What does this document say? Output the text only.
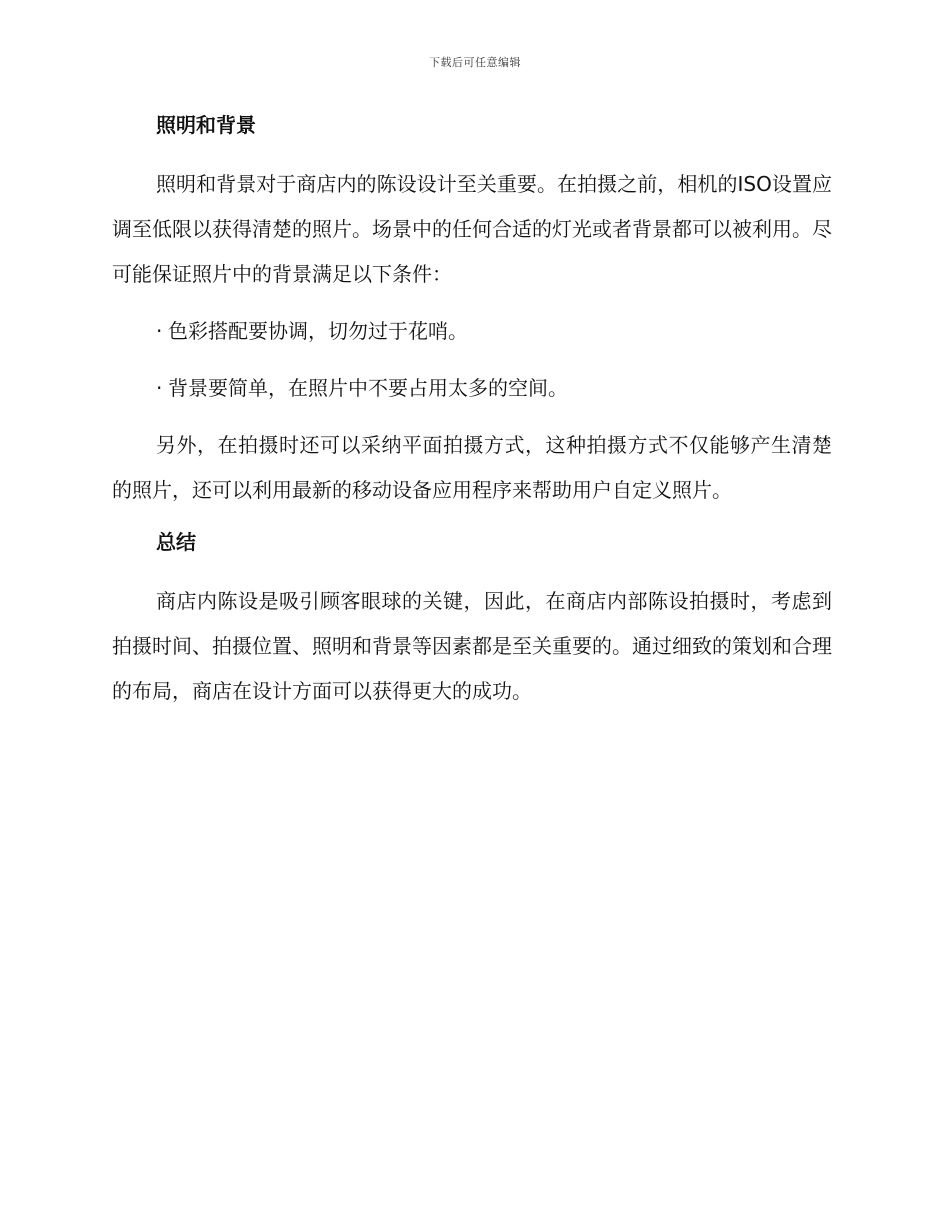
下载后可任意编辑
照明和背景

照明和背景对于商店内的陈设设计至关重要。在拍摄之前，相机的ISO设置应调至低限以获得清楚的照片。场景中的任何合适的灯光或者背景都可以被利用。尽可能保证照片中的背景满足以下条件：

· 色彩搭配要协调，切勿过于花哨。
· 背景要简单，在照片中不要占用太多的空间。

另外，在拍摄时还可以采纳平面拍摄方式，这种拍摄方式不仅能够产生清楚的照片，还可以利用最新的移动设备应用程序来帮助用户自定义照片。

总结

商店内陈设是吸引顾客眼球的关键，因此，在商店内部陈设拍摄时，考虑到拍摄时间、拍摄位置、照明和背景等因素都是至关重要的。通过细致的策划和合理的布局，商店在设计方面可以获得更大的成功。
